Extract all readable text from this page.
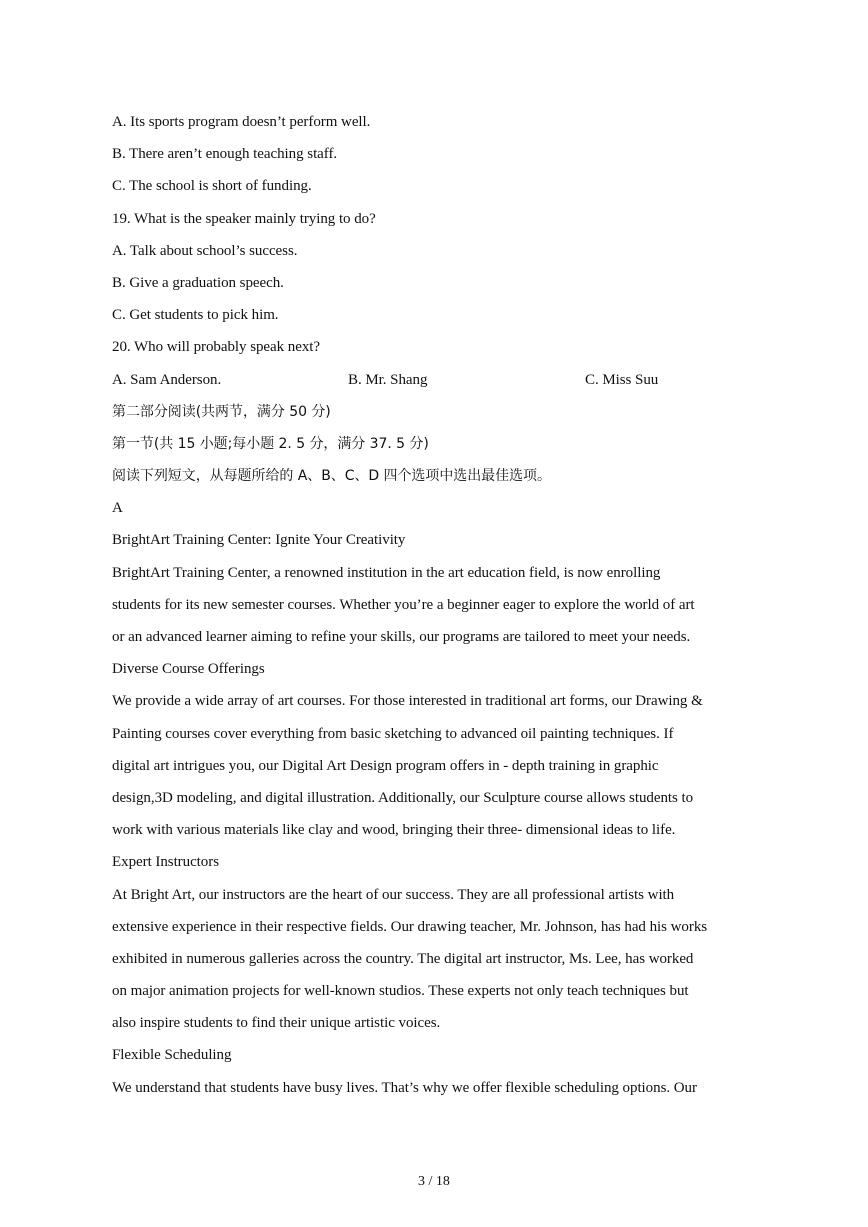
A. Its sports program doesn’t perform well.
B. There aren’t enough teaching staff.
C. The school is short of funding.
19. What is the speaker mainly trying to do?
A. Talk about school’s success.
B. Give a graduation speech.
C. Get students to pick him.
20. Who will probably speak next?
A. Sam Anderson.	B. Mr. Shang	C. Miss Suu
第二部分阅读(共两节，满分 50 分)
第一节(共 15 小题;每小题 2. 5 分，满分 37. 5 分)
阅读下列短文，从每题所给的 A、B、C、D 四个选项中选出最佳选项。
A
BrightArt Training Center: Ignite Your Creativity
BrightArt Training Center, a renowned institution in the art education field, is now enrolling
students for its new semester courses. Whether you’re a beginner eager to explore the world of art
or an advanced learner aiming to refine your skills, our programs are tailored to meet your needs.
Diverse Course Offerings
We provide a wide array of art courses. For those interested in traditional art forms, our Drawing &
Painting courses cover everything from basic sketching to advanced oil painting techniques. If
digital art intrigues you, our Digital Art Design program offers in - depth training in graphic
design,3D modeling, and digital illustration. Additionally, our Sculpture course allows students to
work with various materials like clay and wood, bringing their three- dimensional ideas to life.
Expert Instructors
At Bright Art, our instructors are the heart of our success. They are all professional artists with
extensive experience in their respective fields. Our drawing teacher, Mr. Johnson, has had his works
exhibited in numerous galleries across the country. The digital art instructor, Ms. Lee, has worked
on major animation projects for well-known studios. These experts not only teach techniques but
also inspire students to find their unique artistic voices.
Flexible Scheduling
We understand that students have busy lives. That’s why we offer flexible scheduling options. Our
3 / 18
